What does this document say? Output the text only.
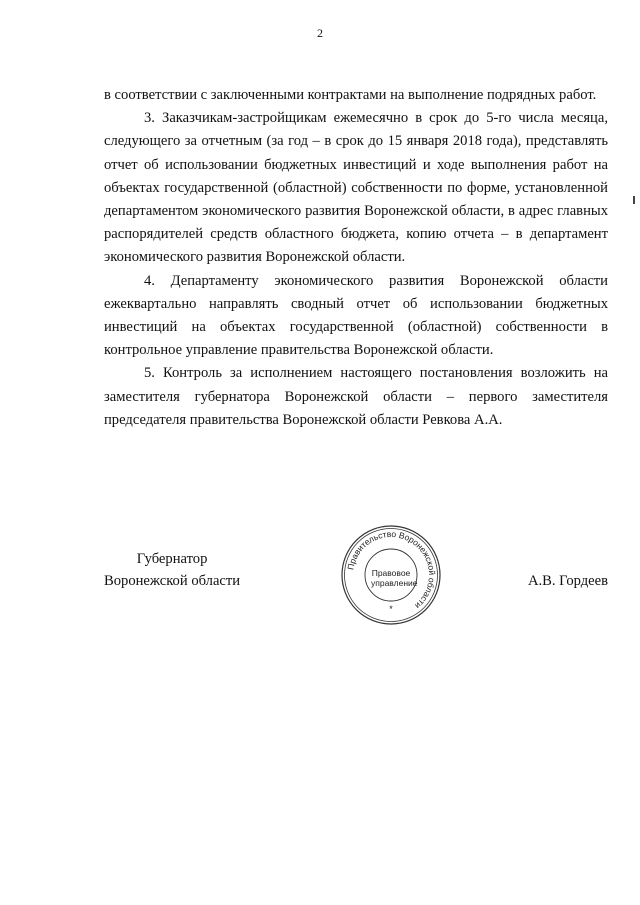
2

в соответствии с заключенными контрактами на выполнение подрядных работ.

3. Заказчикам-застройщикам ежемесячно в срок до 5-го числа месяца, следующего за отчетным (за год – в срок до 15 января 2018 года), представлять отчет об использовании бюджетных инвестиций и ходе выполнения работ на объектах государственной (областной) собственности по форме, установленной департаментом экономического развития Воронежской области, в адрес главных распорядителей средств областного бюджета, копию отчета – в департамент экономического развития Воронежской области.

4. Департаменту экономического развития Воронежской области ежеквартально направлять сводный отчет об использовании бюджетных инвестиций на объектах государственной (областной) собственности в контрольное управление правительства Воронежской области.

5. Контроль за исполнением настоящего постановления возложить на заместителя губернатора Воронежской области – первого заместителя председателя правительства Воронежской области Ревкова А.А.

Губернатор
Воронежской области	А.В. Гордеев
Правительство Воронежской области
*
Правовое
управление
